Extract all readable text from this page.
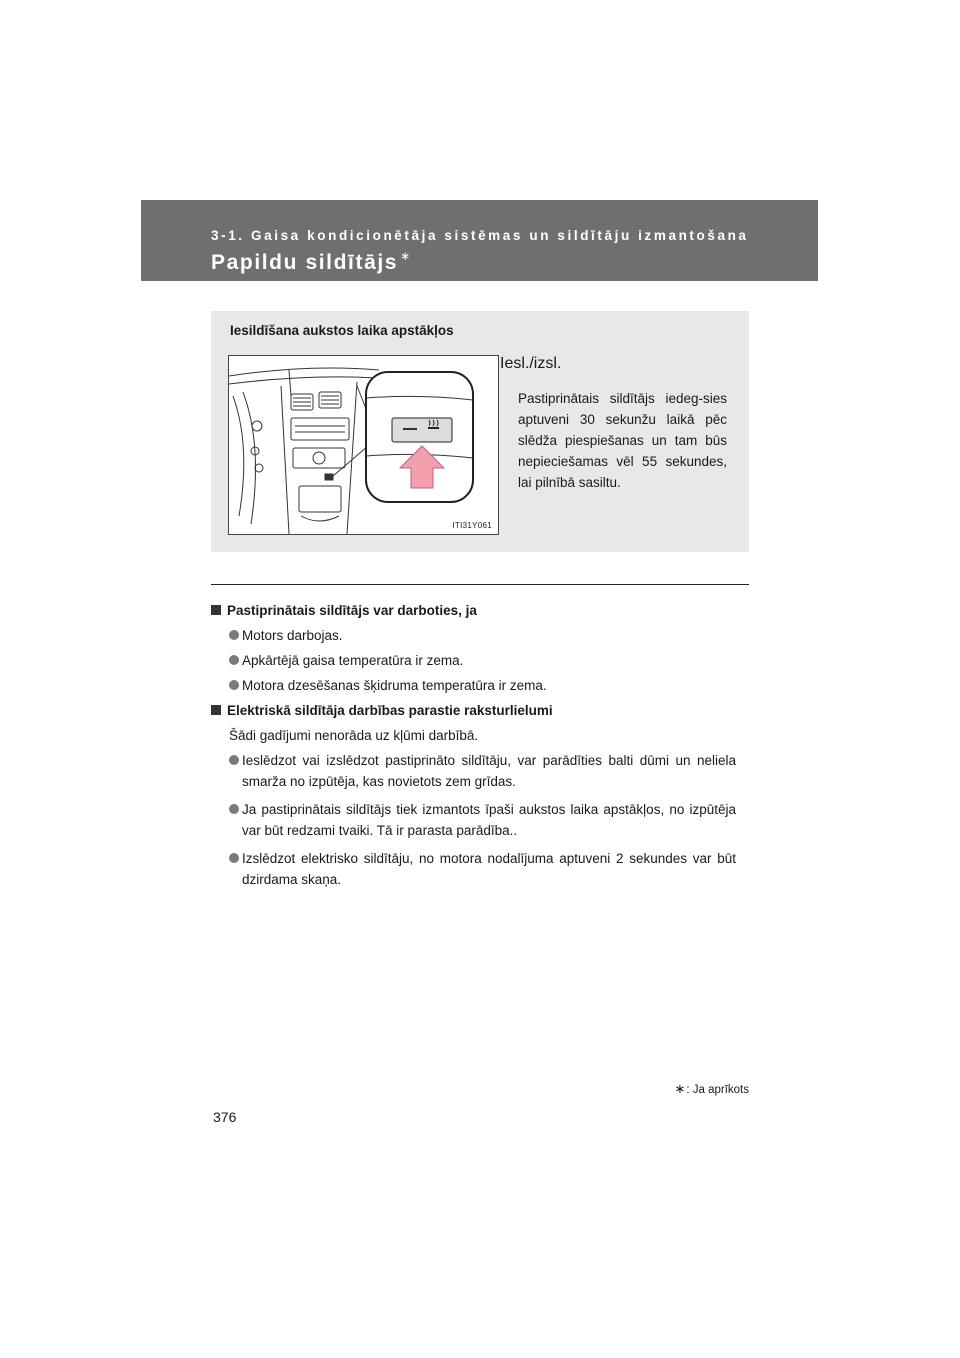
3-1. Gaisa kondicionētāja sistēmas un sildītāju izmantošana
Papildu sildītājs ∗
Iesildīšana aukstos laika apstākļos
ITI31Y061
Iesl./izsl.
Pastiprinātais sildītājs iedeg-sies aptuveni 30 sekunžu laikā pēc slēdža piespiešanas un tam būs nepieciešamas vēl 55 sekundes, lai pilnībā sasiltu.

Pastiprinātais sildītājs var darboties, ja

Motors darbojas.
Apkārtējā gaisa temperatūra ir zema.
Motora dzesēšanas šķidruma temperatūra ir zema.

Elektriskā sildītāja darbības parastie raksturlielumi

Šādi gadījumi nenorāda uz kļūmi darbībā.
Ieslēdzot vai izslēdzot pastiprināto sildītāju, var parādīties balti dūmi un neliela smarža no izpūtēja, kas novietots zem grīdas.
Ja pastiprinātais sildītājs tiek izmantots īpaši aukstos laika apstākļos, no izpūtēja var būt redzami tvaiki. Tā ir parasta parādība..
Izslēdzot elektrisko sildītāju, no motora nodalījuma aptuveni 2 sekundes var būt dzirdama skaņa.
∗: Ja aprīkots
376
